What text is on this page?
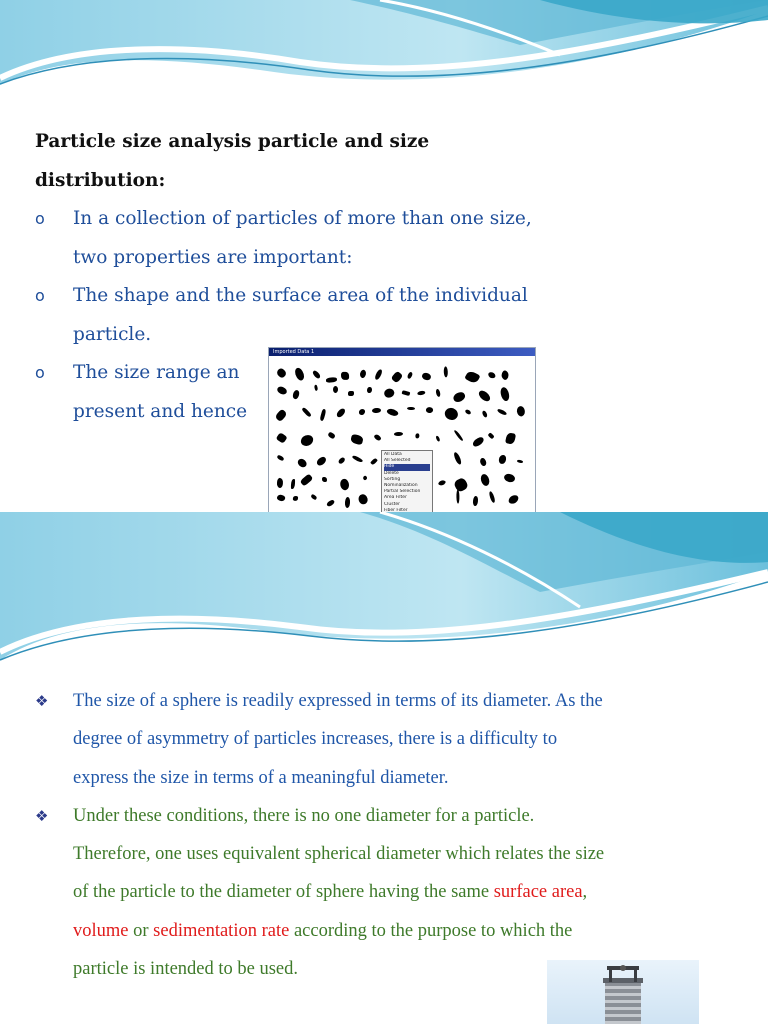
Particle size analysis particle and size
distribution:
o In a collection of particles of more than one size,
two properties are important:
o The shape and the surface area of the individual
particle.
o The size range an
present and hence
Imported Data 1
All Data
All Selected
Hide
Delete
Sorting
Nominalization
Partial Selection
Area Filter
Cluster
Fiber Filter
❖ The size of a sphere is readily expressed in terms of its diameter. As the
degree of asymmetry of particles increases, there is a difficulty to
express the size in terms of a meaningful diameter.
❖ Under these conditions, there is no one diameter for a particle.
Therefore, one uses equivalent spherical diameter which relates the size
of the particle to the diameter of sphere having the same surface area,
volume or sedimentation rate according to the purpose to which the
particle is intended to be used.
